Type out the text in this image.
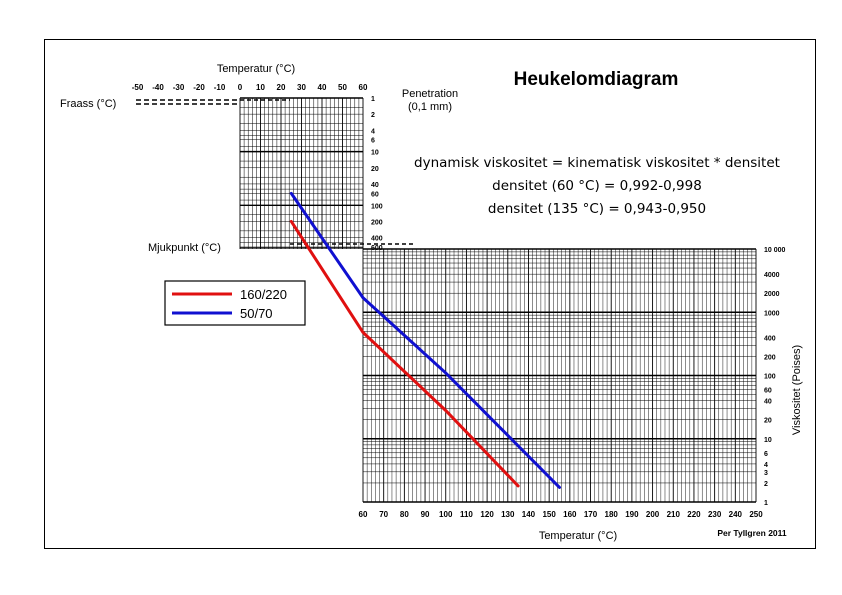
1
2
4
6
10
20
40
60
100
200
400
600
-50 -40 -30 -20 -10 0 10 20 30 40 50 60
10 000
4000
2000
1000
400
200
100
60
40
20
10
6
4
3
2
1
60 70 80 90 100 110 120 130 140 150 160 170 180 190 200 210 220 230 240 250
Heukelomdiagram
dynamisk viskositet = kinematisk viskositet * densitet
densitet (60 °C) = 0,992-0,998
densitet (135 °C) = 0,943-0,950
Temperatur (°C)
Fraass (°C)
Mjukpunkt (°C)
Penetration
(0,1 mm)
Temperatur (°C)	Per Tyllgren 2011
Viskositet (Poises)
160/220
50/70
